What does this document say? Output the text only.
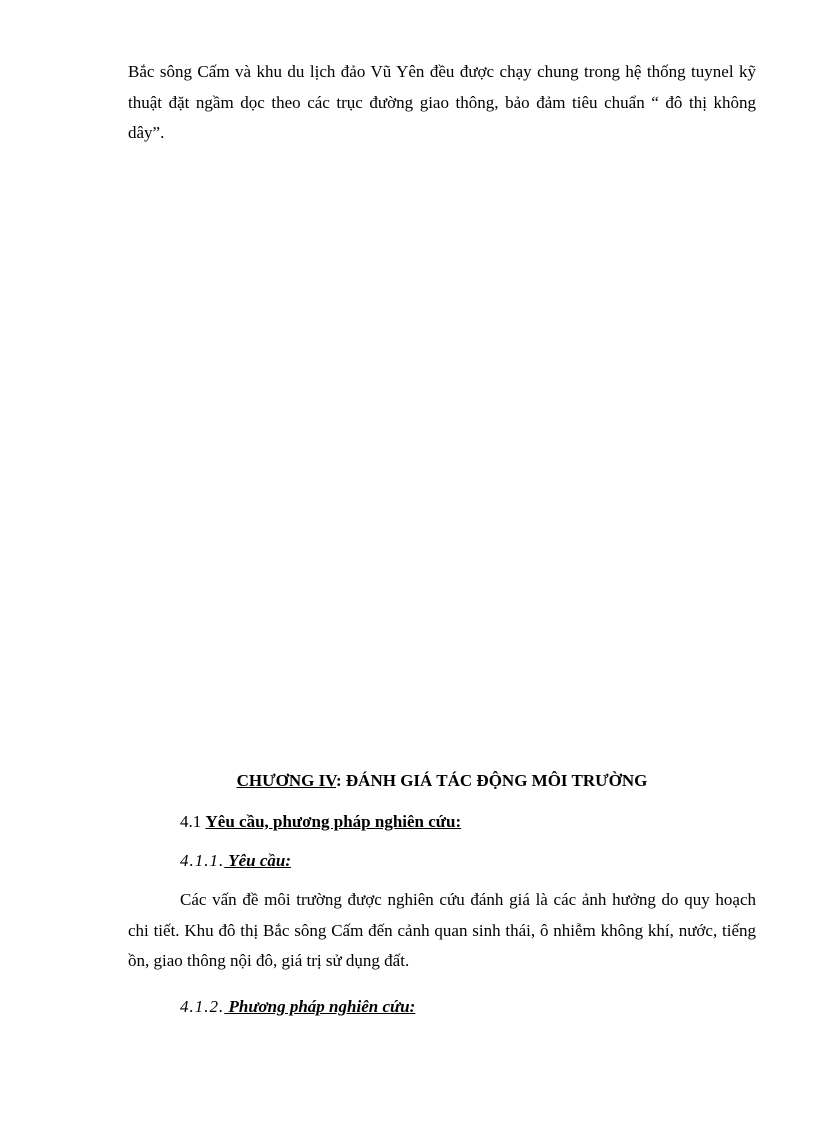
Bắc sông Cấm và khu du lịch đảo Vũ Yên đều được chạy chung trong hệ thống tuynel kỹ thuật đặt ngầm dọc theo các trục đường giao thông, bảo đảm tiêu chuẩn “ đô thị không dây”.

CHƯƠNG IV: ĐÁNH GIÁ TÁC ĐỘNG MÔI TRƯỜNG
4.1 Yêu cầu, phương pháp nghiên cứu:
4.1.1. Yêu cầu:

Các vấn đề môi trường được nghiên cứu đánh giá là các ảnh hưởng do quy hoạch chi tiết. Khu đô thị Bắc sông Cấm đến cảnh quan sinh thái, ô nhiễm không khí, nước, tiếng ồn, giao thông nội đô, giá trị sử dụng đất.

4.1.2. Phương pháp nghiên cứu:
